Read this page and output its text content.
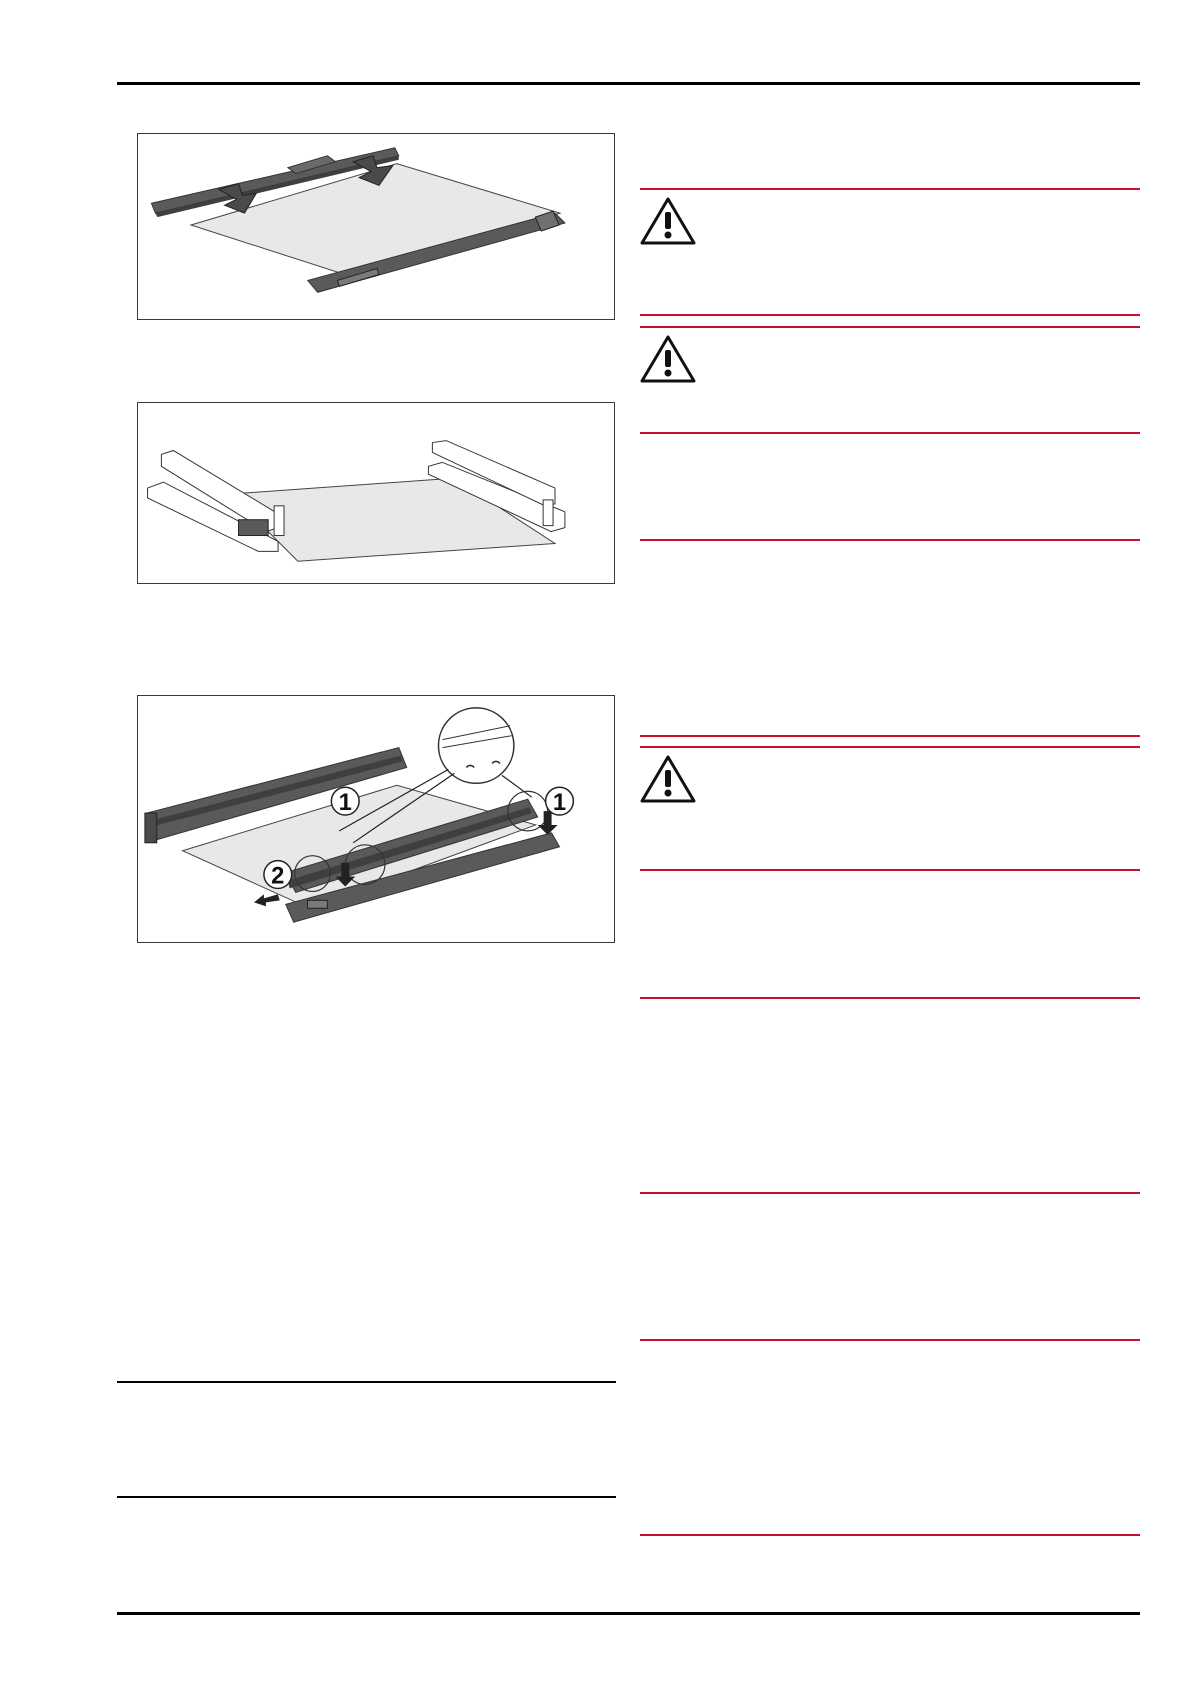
1	1
2
